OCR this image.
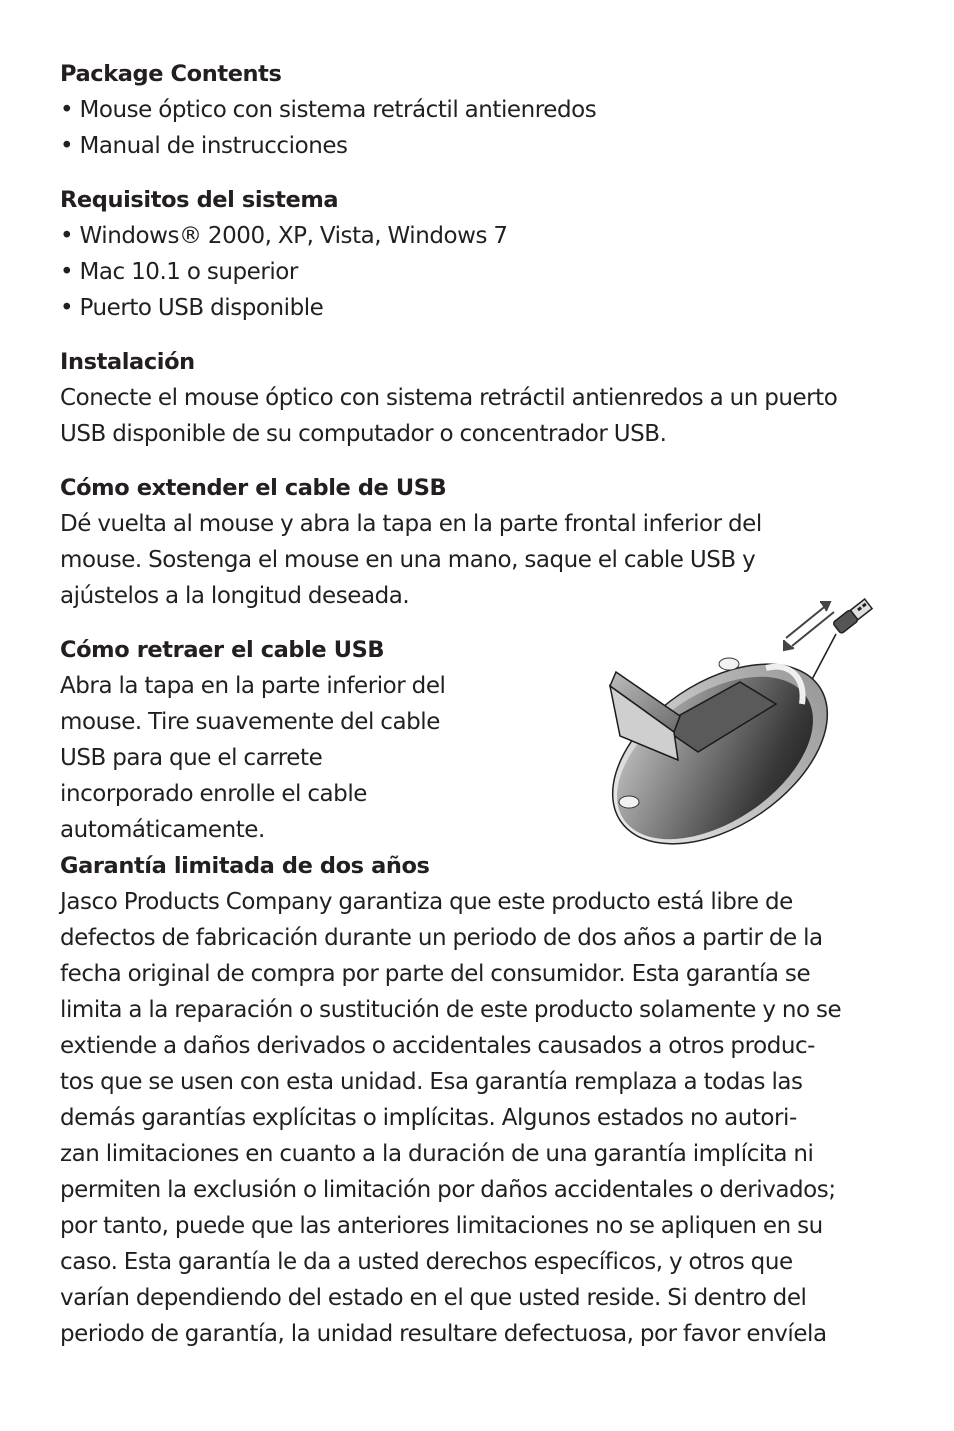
Package Contents
• Mouse óptico con sistema retráctil antienredos
• Manual de instrucciones
Requisitos del sistema
• Windows® 2000, XP, Vista, Windows 7
• Mac 10.1 o superior
• Puerto USB disponible
Instalación

Conecte el mouse óptico con sistema retráctil antienredos a un puerto

USB disponible de su computador o concentrador USB.

Cómo extender el cable de USB

Dé vuelta al mouse y abra la tapa en la parte frontal inferior del

mouse. Sostenga el mouse en una mano, saque el cable USB y

ajústelos a la longitud deseada.

Cómo retraer el cable USB

Abra la tapa en la parte inferior del

mouse. Tire suavemente del cable

USB para que el carrete

incorporado enrolle el cable

automáticamente.

Garantía limitada de dos años

Jasco Products Company garantiza que este producto está libre de

defectos de fabricación durante un periodo de dos años a partir de la

fecha original de compra por parte del consumidor. Esta garantía se

limita a la reparación o sustitución de este producto solamente y no se

extiende a daños derivados o accidentales causados a otros produc-

tos que se usen con esta unidad. Esa garantía remplaza a todas las

demás garantías explícitas o implícitas. Algunos estados no autori-

zan limitaciones en cuanto a la duración de una garantía implícita ni

permiten la exclusión o limitación por daños accidentales o derivados;

por tanto, puede que las anteriores limitaciones no se apliquen en su

caso. Esta garantía le da a usted derechos específicos, y otros que

varían dependiendo del estado en el que usted reside. Si dentro del

periodo de garantía, la unidad resultare defectuosa, por favor envíela
